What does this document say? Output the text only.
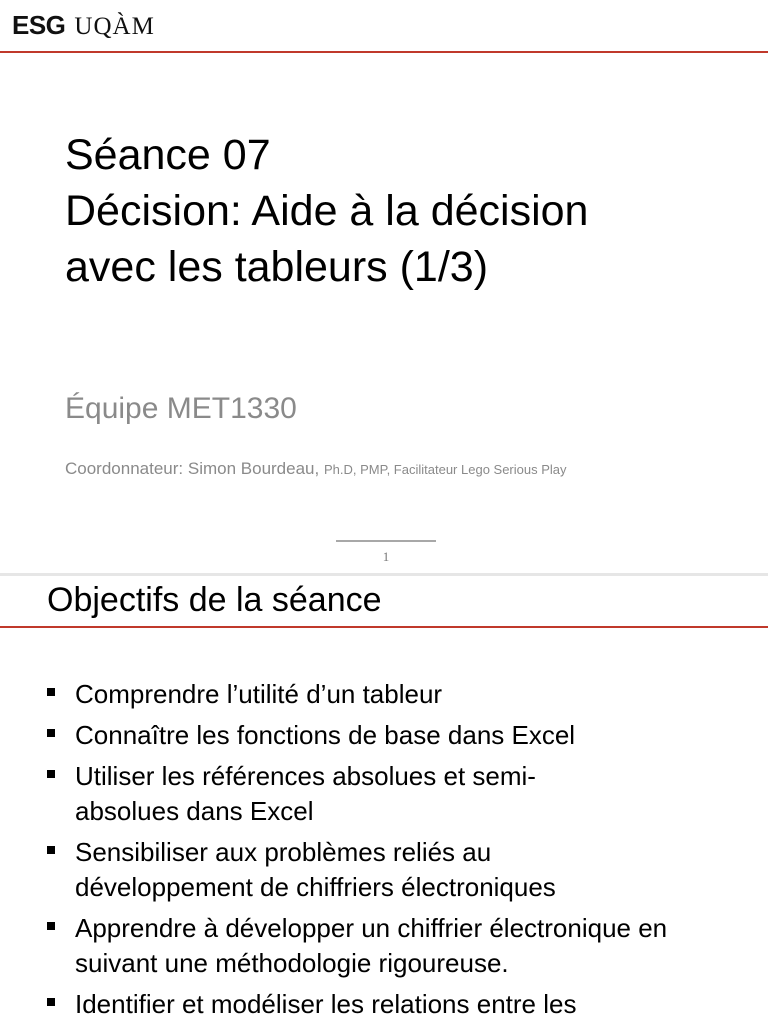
ESG UQÀM
Séance 07
Décision: Aide à la décision
avec les tableurs (1/3)
Équipe MET1330
Coordonnateur: Simon Bourdeau, Ph.D, PMP, Facilitateur Lego Serious Play
1
Objectifs de la séance
Comprendre l’utilité d’un tableur
Connaître les fonctions de base dans Excel
Utiliser les références absolues et semi-absolues dans Excel
Sensibiliser aux problèmes reliés au développement de chiffriers électroniques
Apprendre à développer un chiffrier électronique en suivant une méthodologie rigoureuse.
Identifier et modéliser les relations entre les
